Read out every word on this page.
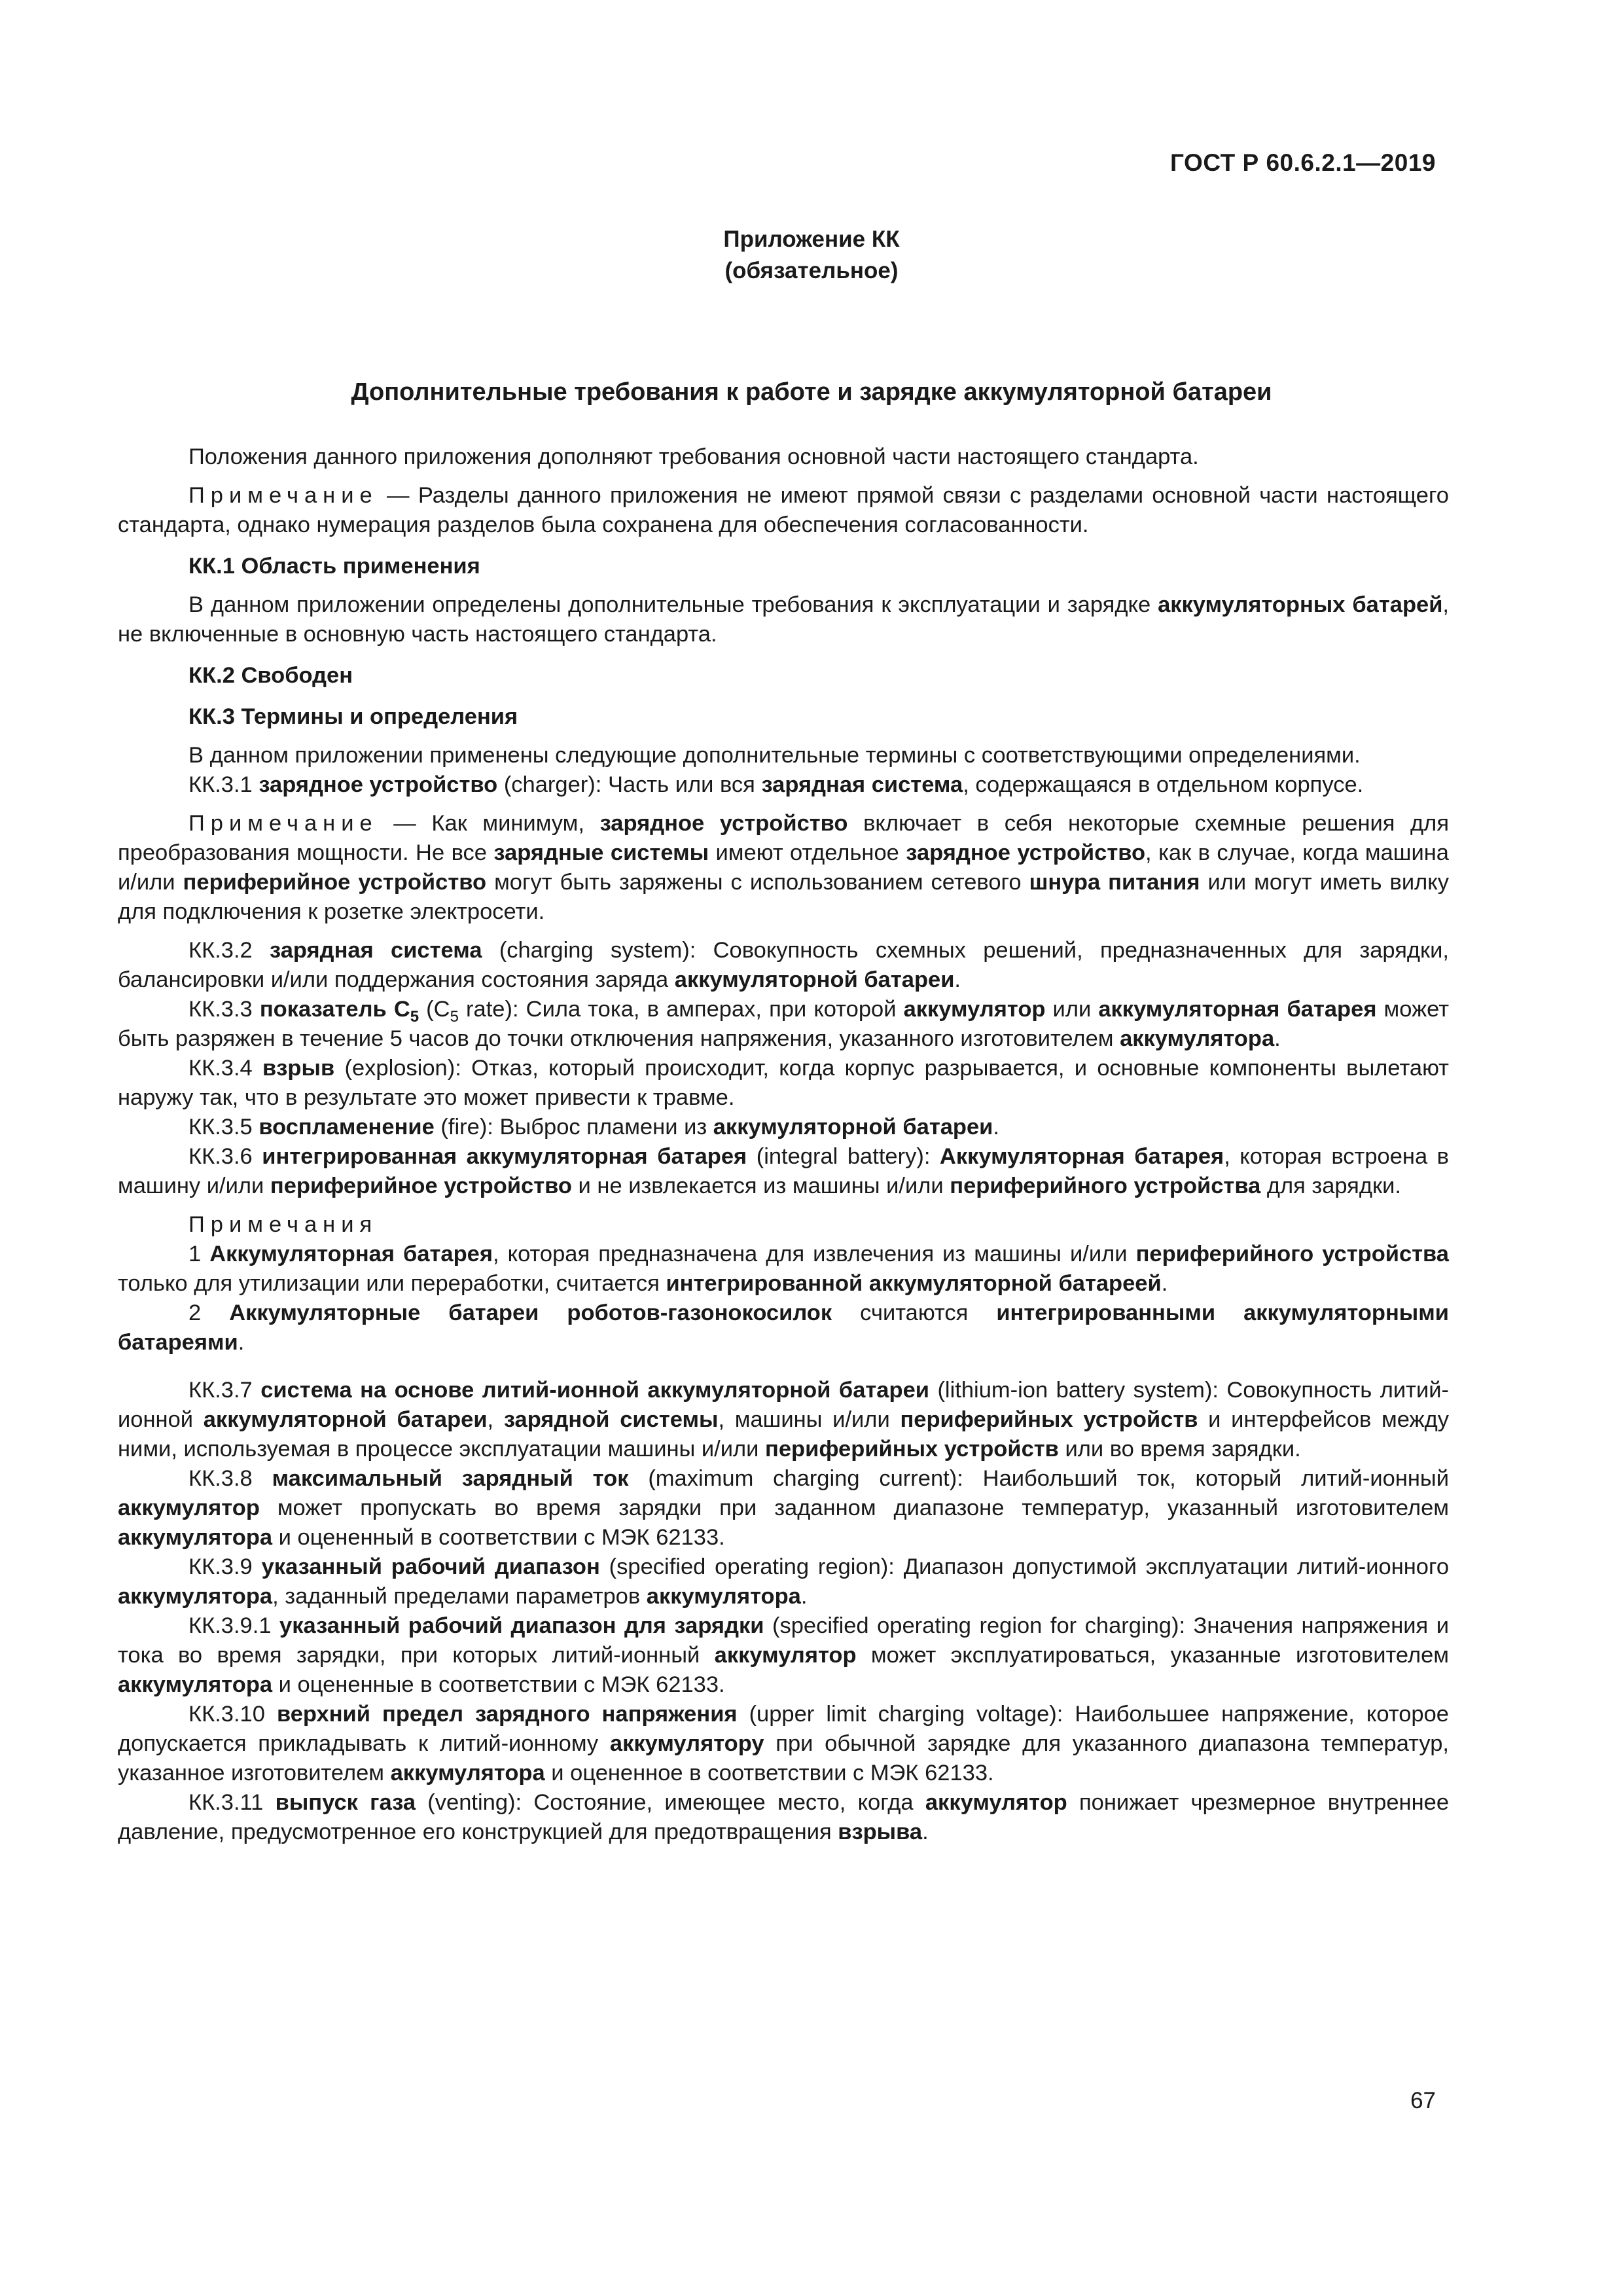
ГОСТ Р 60.6.2.1—2019
Приложение КК
(обязательное)
Дополнительные требования к работе и зарядке аккумуляторной батареи

Положения данного приложения дополняют требования основной части настоящего стандарта.

Примечание — Разделы данного приложения не имеют прямой связи с разделами основной части настоящего стандарта, однако нумерация разделов была сохранена для обеспечения согласованности.

КК.1 Область применения

В данном приложении определены дополнительные требования к эксплуатации и зарядке аккумуляторных батарей, не включенные в основную часть настоящего стандарта.

КК.2 Свободен

КК.3 Термины и определения

В данном приложении применены следующие дополнительные термины с соответствующими определениями.

КК.3.1 зарядное устройство (charger): Часть или вся зарядная система, содержащаяся в отдельном корпусе.

Примечание — Как минимум, зарядное устройство включает в себя некоторые схемные решения для преобразования мощности. Не все зарядные системы имеют отдельное зарядное устройство, как в случае, когда машина и/или периферийное устройство могут быть заряжены с использованием сетевого шнура питания или могут иметь вилку для подключения к розетке электросети.

КК.3.2 зарядная система (charging system): Совокупность схемных решений, предназначенных для зарядки, балансировки и/или поддержания состояния заряда аккумуляторной батареи.

КК.3.3 показатель $С_5$ ($С_5$ rate): Сила тока, в амперах, при которой аккумулятор или аккумуляторная батарея может быть разряжен в течение 5 часов до точки отключения напряжения, указанного изготовителем аккумулятора.

КК.3.4 взрыв (explosion): Отказ, который происходит, когда корпус разрывается, и основные компоненты вылетают наружу так, что в результате это может привести к травме.

КК.3.5 воспламенение (fire): Выброс пламени из аккумуляторной батареи.

КК.3.6 интегрированная аккумуляторная батарея (integral battery): Аккумуляторная батарея, которая встроена в машину и/или периферийное устройство и не извлекается из машины и/или периферийного устройства для зарядки.

Примечания

1 Аккумуляторная батарея, которая предназначена для извлечения из машины и/или периферийного устройства только для утилизации или переработки, считается интегрированной аккумуляторной батареей.

2 Аккумуляторные батареи роботов-газонокосилок считаются интегрированными аккумуляторными батареями.

КК.3.7 система на основе литий-ионной аккумуляторной батареи (lithium-ion battery system): Совокупность литий-ионной аккумуляторной батареи, зарядной системы, машины и/или периферийных устройств и интерфейсов между ними, используемая в процессе эксплуатации машины и/или периферийных устройств или во время зарядки.

КК.3.8 максимальный зарядный ток (maximum charging current): Наибольший ток, который литий-ионный аккумулятор может пропускать во время зарядки при заданном диапазоне температур, указанный изготовителем аккумулятора и оцененный в соответствии с МЭК 62133.

КК.3.9 указанный рабочий диапазон (specified operating region): Диапазон допустимой эксплуатации литий-ионного аккумулятора, заданный пределами параметров аккумулятора.

КК.3.9.1 указанный рабочий диапазон для зарядки (specified operating region for charging): Значения напряжения и тока во время зарядки, при которых литий-ионный аккумулятор может эксплуатироваться, указанные изготовителем аккумулятора и оцененные в соответствии с МЭК 62133.

КК.3.10 верхний предел зарядного напряжения (upper limit charging voltage): Наибольшее напряжение, которое допускается прикладывать к литий-ионному аккумулятору при обычной зарядке для указанного диапазона температур, указанное изготовителем аккумулятора и оцененное в соответствии с МЭК 62133.

КК.3.11 выпуск газа (venting): Состояние, имеющее место, когда аккумулятор понижает чрезмерное внутреннее давление, предусмотренное его конструкцией для предотвращения взрыва.

67
